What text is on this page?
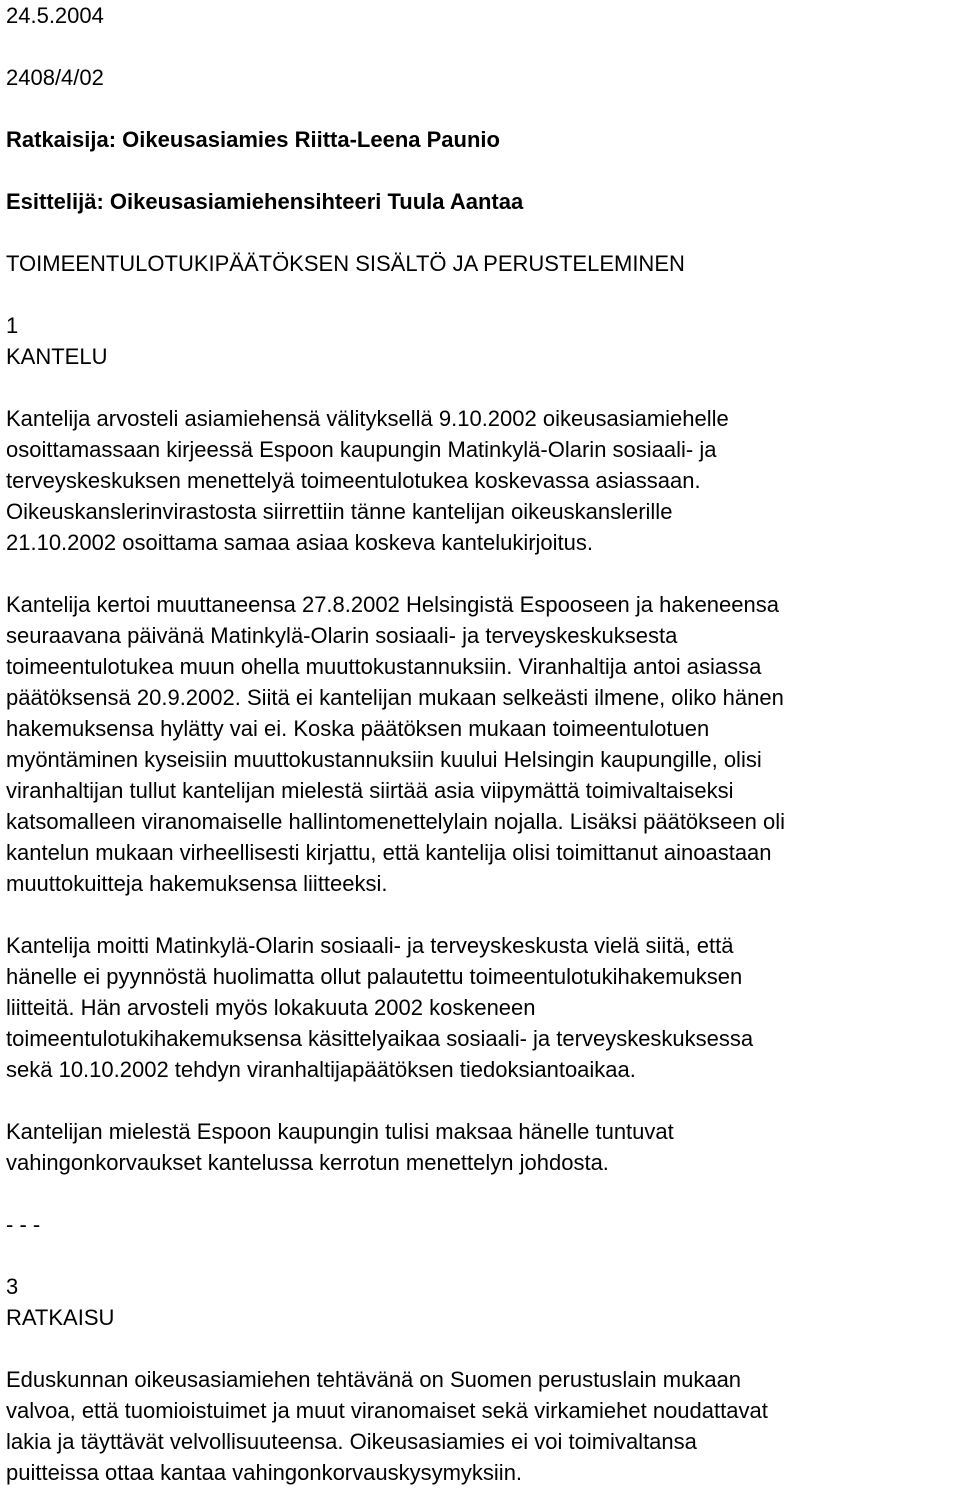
24.5.2004
2408/4/02
Ratkaisija: Oikeusasiamies Riitta-Leena Paunio
Esittelijä: Oikeusasiamiehensihteeri Tuula Aantaa
TOIMEENTULOTUKIPÄÄTÖKSEN SISÄLTÖ JA PERUSTELEMINEN
1
KANTELU
Kantelija arvosteli asiamiehensä välityksellä 9.10.2002 oikeusasiamiehelle
osoittamassaan kirjeessä Espoon kaupungin Matinkylä-Olarin sosiaali- ja
terveyskeskuksen menettelyä toimeentulotukea koskevassa asiassaan.
Oikeuskanslerinvirastosta siirrettiin tänne kantelijan oikeuskanslerille
21.10.2002 osoittama samaa asiaa koskeva kantelukirjoitus.
Kantelija kertoi muuttaneensa 27.8.2002 Helsingistä Espooseen ja hakeneensa
seuraavana päivänä Matinkylä-Olarin sosiaali- ja terveyskeskuksesta
toimeentulotukea muun ohella muuttokustannuksiin. Viranhaltija antoi asiassa
päätöksensä 20.9.2002. Siitä ei kantelijan mukaan selkeästi ilmene, oliko hänen
hakemuksensa hylätty vai ei. Koska päätöksen mukaan toimeentulotuen
myöntäminen kyseisiin muuttokustannuksiin kuului Helsingin kaupungille, olisi
viranhaltijan tullut kantelijan mielestä siirtää asia viipymättä toimivaltaiseksi
katsomalleen viranomaiselle hallintomenettelylain nojalla. Lisäksi päätökseen oli
kantelun mukaan virheellisesti kirjattu, että kantelija olisi toimittanut ainoastaan
muuttokuitteja hakemuksensa liitteeksi.
Kantelija moitti Matinkylä-Olarin sosiaali- ja terveyskeskusta vielä siitä, että
hänelle ei pyynnöstä huolimatta ollut palautettu toimeentulotukihakemuksen
liitteitä. Hän arvosteli myös lokakuuta 2002 koskeneen
toimeentulotukihakemuksensa käsittelyaikaa sosiaali- ja terveyskeskuksessa
sekä 10.10.2002 tehdyn viranhaltijapäätöksen tiedoksiantoaikaa.
Kantelijan mielestä Espoon kaupungin tulisi maksaa hänelle tuntuvat
vahingonkorvaukset kantelussa kerrotun menettelyn johdosta.
- - -
3
RATKAISU
Eduskunnan oikeusasiamiehen tehtävänä on Suomen perustuslain mukaan
valvoa, että tuomioistuimet ja muut viranomaiset sekä virkamiehet noudattavat
lakia ja täyttävät velvollisuuteensa. Oikeusasiamies ei voi toimivaltansa
puitteissa ottaa kantaa vahingonkorvauskysymyksiin.
